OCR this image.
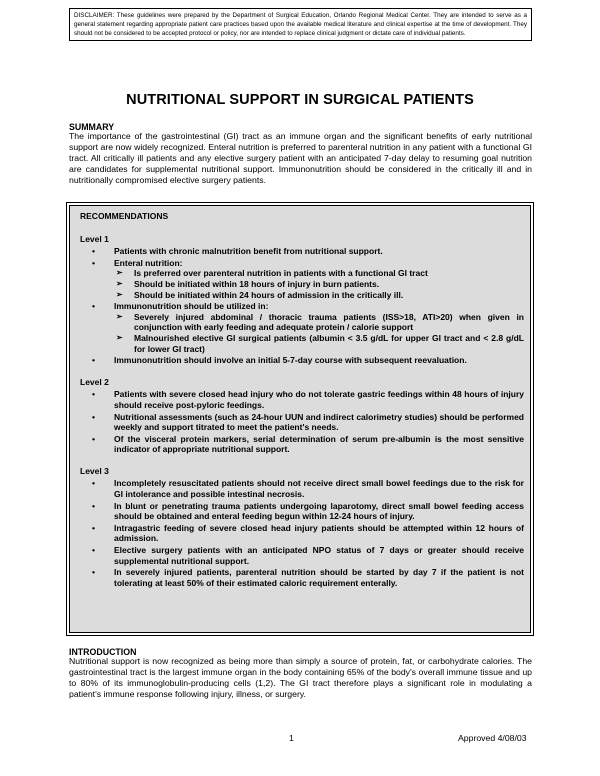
DISCLAIMER: These guidelines were prepared by the Department of Surgical Education, Orlando Regional Medical Center. They are intended to serve as a general statement regarding appropriate patient care practices based upon the available medical literature and clinical expertise at the time of development. They should not be considered to be accepted protocol or policy, nor are intended to replace clinical judgment or dictate care of individual patients.
NUTRITIONAL SUPPORT IN SURGICAL PATIENTS
SUMMARY
The importance of the gastrointestinal (GI) tract as an immune organ and the significant benefits of early nutritional support are now widely recognized. Enteral nutrition is preferred to parenteral nutrition in any patient with a functional GI tract. All critically ill patients and any elective surgery patient with an anticipated 7-day delay to resuming goal nutrition are candidates for supplemental nutritional support. Immunonutrition should be considered in the critically ill and in nutritionally compromised elective surgery patients.
RECOMMENDATIONS
Level 1
• Patients with chronic malnutrition benefit from nutritional support.
• Enteral nutrition:
➢ Is preferred over parenteral nutrition in patients with a functional GI tract
➢ Should be initiated within 18 hours of injury in burn patients.
➢ Should be initiated within 24 hours of admission in the critically ill.
• Immunonutrition should be utilized in:
➢ Severely injured abdominal / thoracic trauma patients (ISS>18, ATI>20) when given in conjunction with early feeding and adequate protein / calorie support
➢ Malnourished elective GI surgical patients (albumin < 3.5 g/dL for upper GI tract and < 2.8 g/dL for lower GI tract)
• Immunonutrition should involve an initial 5-7-day course with subsequent reevaluation.
Level 2
• Patients with severe closed head injury who do not tolerate gastric feedings within 48 hours of injury should receive post-pyloric feedings.
• Nutritional assessments (such as 24-hour UUN and indirect calorimetry studies) should be performed weekly and support titrated to meet the patient's needs.
• Of the visceral protein markers, serial determination of serum pre-albumin is the most sensitive indicator of appropriate nutritional support.
Level 3
• Incompletely resuscitated patients should not receive direct small bowel feedings due to the risk for GI intolerance and possible intestinal necrosis.
• In blunt or penetrating trauma patients undergoing laparotomy, direct small bowel feeding access should be obtained and enteral feeding begun within 12-24 hours of injury.
• Intragastric feeding of severe closed head injury patients should be attempted within 12 hours of admission.
• Elective surgery patients with an anticipated NPO status of 7 days or greater should receive supplemental nutritional support.
• In severely injured patients, parenteral nutrition should be started by day 7 if the patient is not tolerating at least 50% of their estimated caloric requirement enterally.
INTRODUCTION
Nutritional support is now recognized as being more than simply a source of protein, fat, or carbohydrate calories. The gastrointestinal tract is the largest immune organ in the body containing 65% of the body's overall immune tissue and up to 80% of its immunoglobulin-producing cells (1,2). The GI tract therefore plays a significant role in modulating a patient's immune response following injury, illness, or surgery.
1	Approved 4/08/03
